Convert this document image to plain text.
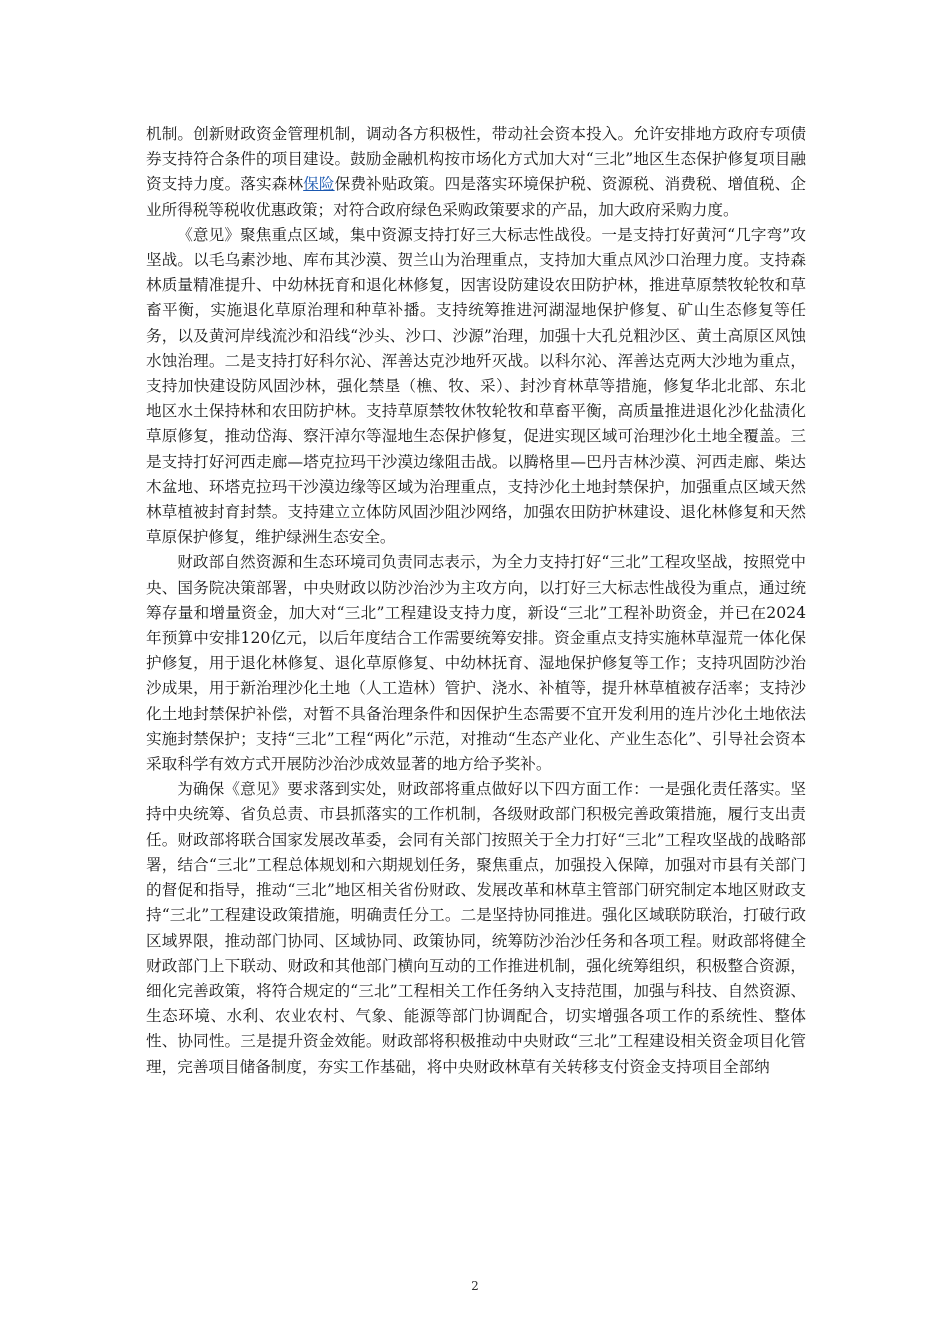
机制。创新财政资金管理机制，调动各方积极性，带动社会资本投入。允许安排地方政府专项债券支持符合条件的项目建设。鼓励金融机构按市场化方式加大对“三北”地区生态保护修复项目融资支持力度。落实森林保险保费补贴政策。四是落实环境保护税、资源税、消费税、增值税、企业所得税等税收优惠政策；对符合政府绿色采购政策要求的产品，加大政府采购力度。

《意见》聚焦重点区域，集中资源支持打好三大标志性战役。一是支持打好黄河“几字弯”攻坚战。以毛乌素沙地、库布其沙漠、贺兰山为治理重点，支持加大重点风沙口治理力度。支持森林质量精准提升、中幼林抚育和退化林修复，因害设防建设农田防护林，推进草原禁牧轮牧和草畜平衡，实施退化草原治理和种草补播。支持统筹推进河湖湿地保护修复、矿山生态修复等任务，以及黄河岸线流沙和沿线“沙头、沙口、沙源”治理，加强十大孔兑粗沙区、黄土高原区风蚀水蚀治理。二是支持打好科尔沁、浑善达克沙地歼灭战。以科尔沁、浑善达克两大沙地为重点，支持加快建设防风固沙林，强化禁垦（樵、牧、采）、封沙育林草等措施，修复华北北部、东北地区水土保持林和农田防护林。支持草原禁牧休牧轮牧和草畜平衡，高质量推进退化沙化盐渍化草原修复，推动岱海、察汗淖尔等湿地生态保护修复，促进实现区域可治理沙化土地全覆盖。三是支持打好河西走廊—塔克拉玛干沙漠边缘阻击战。以腾格里—巴丹吉林沙漠、河西走廊、柴达木盆地、环塔克拉玛干沙漠边缘等区域为治理重点，支持沙化土地封禁保护，加强重点区域天然林草植被封育封禁。支持建立立体防风固沙阻沙网络，加强农田防护林建设、退化林修复和天然草原保护修复，维护绿洲生态安全。

财政部自然资源和生态环境司负责同志表示，为全力支持打好“三北”工程攻坚战，按照党中央、国务院决策部署，中央财政以防沙治沙为主攻方向，以打好三大标志性战役为重点，通过统筹存量和增量资金，加大对“三北”工程建设支持力度，新设“三北”工程补助资金，并已在2024年预算中安排120亿元，以后年度结合工作需要统筹安排。资金重点支持实施林草湿荒一体化保护修复，用于退化林修复、退化草原修复、中幼林抚育、湿地保护修复等工作；支持巩固防沙治沙成果，用于新治理沙化土地（人工造林）管护、浇水、补植等，提升林草植被存活率；支持沙化土地封禁保护补偿，对暂不具备治理条件和因保护生态需要不宜开发利用的连片沙化土地依法实施封禁保护；支持“三北”工程“两化”示范，对推动“生态产业化、产业生态化”、引导社会资本采取科学有效方式开展防沙治沙成效显著的地方给予奖补。

为确保《意见》要求落到实处，财政部将重点做好以下四方面工作：一是强化责任落实。坚持中央统筹、省负总责、市县抓落实的工作机制，各级财政部门积极完善政策措施，履行支出责任。财政部将联合国家发展改革委，会同有关部门按照关于全力打好“三北”工程攻坚战的战略部署，结合“三北”工程总体规划和六期规划任务，聚焦重点，加强投入保障，加强对市县有关部门的督促和指导，推动“三北”地区相关省份财政、发展改革和林草主管部门研究制定本地区财政支持“三北”工程建设政策措施，明确责任分工。二是坚持协同推进。强化区域联防联治，打破行政区域界限，推动部门协同、区域协同、政策协同，统筹防沙治沙任务和各项工程。财政部将健全财政部门上下联动、财政和其他部门横向互动的工作推进机制，强化统筹组织，积极整合资源，细化完善政策，将符合规定的“三北”工程相关工作任务纳入支持范围，加强与科技、自然资源、生态环境、水利、农业农村、气象、能源等部门协调配合，切实增强各项工作的系统性、整体性、协同性。三是提升资金效能。财政部将积极推动中央财政“三北”工程建设相关资金项目化管理，完善项目储备制度，夯实工作基础，将中央财政林草有关转移支付资金支持项目全部纳

2
